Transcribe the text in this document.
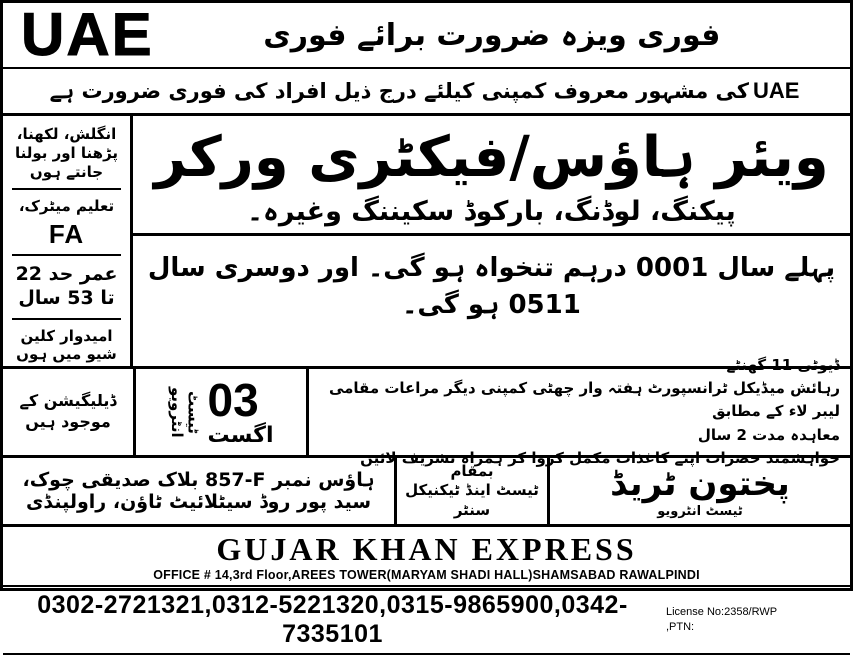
UAE	فوری ویزہ ضرورت برائے فوری
کی مشہور معروف کمپنی کیلئے درج ذیل افراد کی فوری ضرورت ہے UAE
انگلش، لکھنا، پڑھنا اور بولنا جانتے ہوں
تعلیم میٹرک،
FA
عمر حد 22 تا 35 سال
امیدوار کلین شیو میں ہوں
ویئر ہاؤس/فیکٹری ورکر
پیکنگ، لوڈنگ، بارکوڈ سکیننگ وغیرہ۔
پہلے سال 1000 درہم تنخواہ ہو گی۔ اور دوسری سال 1150 ہو گی۔
ڈیلیگیشن کے موجود ہیں	ٹیسٹ انٹرویو 03
اگست
ڈیوٹی 11 گھنٹے
رہائش میڈیکل ٹرانسپورٹ ہفتہ وار چھٹی کمپنی دیگر مراعات مقامی لیبر لاء کے مطابق
معاہدہ مدت 2 سال
خواہشمند حضرات اپنے کاغذات مکمل کروا کر ہمراہ تشریف لائیں
پختون ٹریڈ
ٹیسٹ انٹرویو
بمقام
ٹیسٹ اینڈ ٹیکنیکل سنٹر
ہاؤس نمبر F-758 بلاک صدیقی چوک، سید پور روڈ سیٹلائیٹ ٹاؤن، راولپنڈی
GUJAR KHAN EXPRESS
OFFICE # 14,3rd Floor,AREES TOWER(MARYAM SHADI HALL)SHAMSABAD RAWALPINDI
0302-2721321,0312-5221320,0315-9865900,0342-7335101
License No:2358/RWP
,PTN:
